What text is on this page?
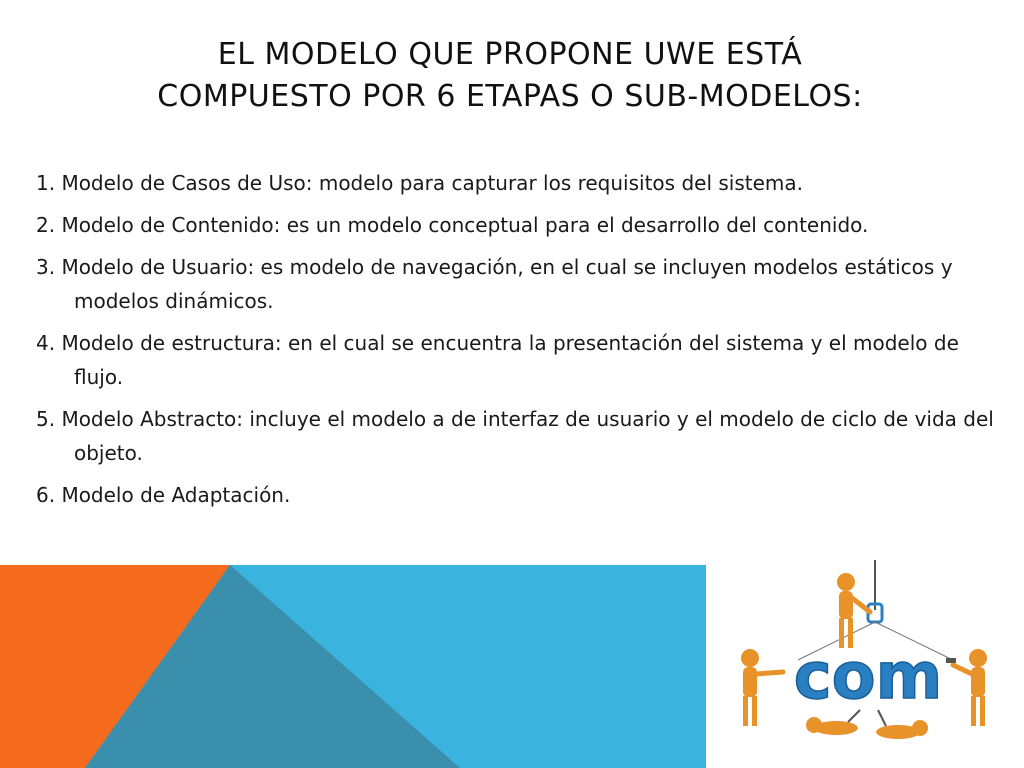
EL MODELO QUE PROPONE UWE ESTÁ
COMPUESTO POR 6 ETAPAS O SUB-MODELOS:
1. Modelo de Casos de Uso: modelo para capturar los requisitos del sistema.
2. Modelo de Contenido: es un modelo conceptual para el desarrollo del contenido.
3. Modelo de Usuario: es modelo de navegación, en el cual se incluyen modelos estáticos y modelos dinámicos.
4. Modelo de estructura: en el cual se encuentra la presentación del sistema y el modelo de flujo.
5. Modelo Abstracto: incluye el modelo a de interfaz de usuario y el modelo de ciclo de vida del objeto.
6. Modelo de Adaptación.
com
